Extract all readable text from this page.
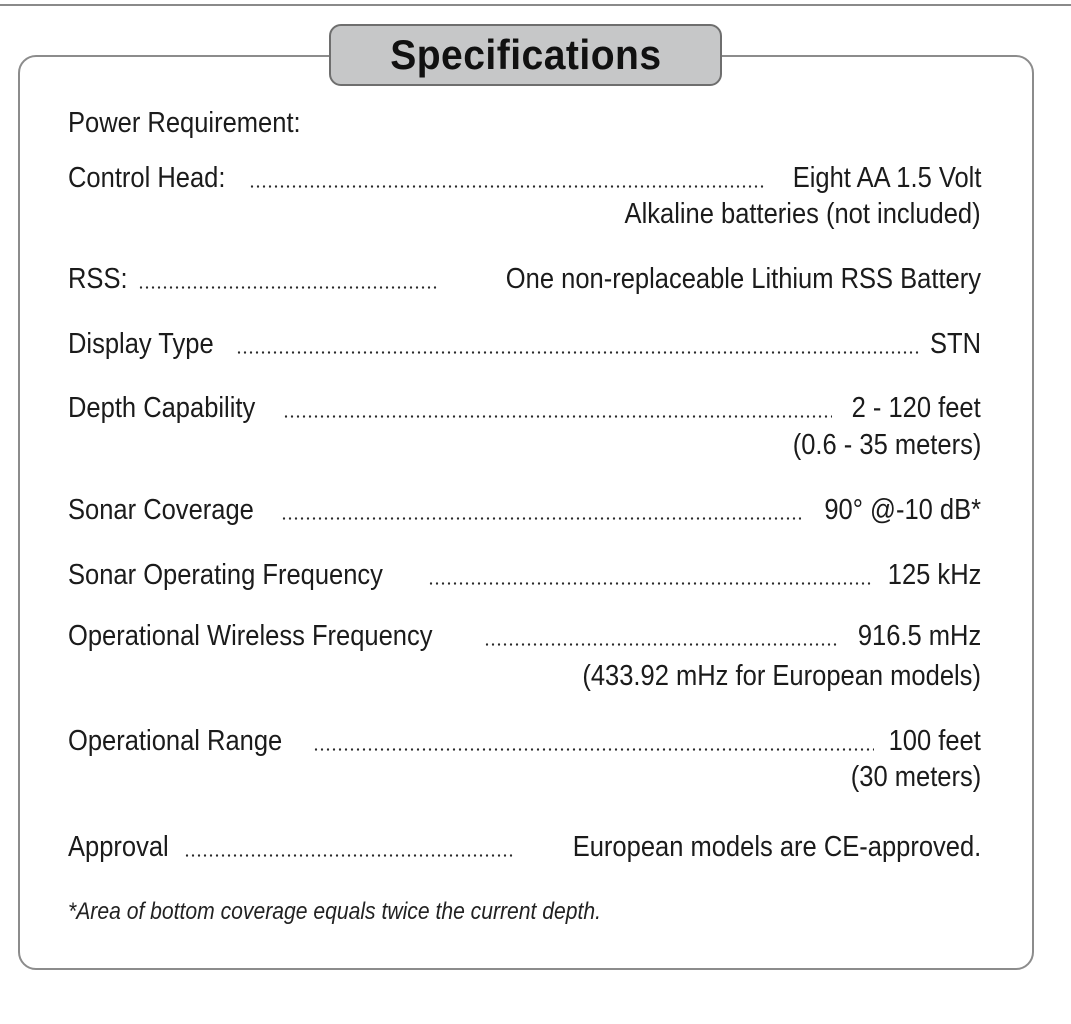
Specifications
Power Requirement:
Control Head:	Eight AA 1.5 Volt
Alkaline batteries (not included)
RSS:	One non-replaceable Lithium RSS Battery
Display Type	STN
Depth Capability	2 - 120 feet
(0.6 - 35 meters)
Sonar Coverage	90° @-10 dB*
Sonar Operating Frequency	125 kHz
Operational Wireless Frequency	916.5 mHz
(433.92 mHz for European models)
Operational Range	100 feet
(30 meters)
Approval	European models are CE-approved.
*Area of bottom coverage equals twice the current depth.
